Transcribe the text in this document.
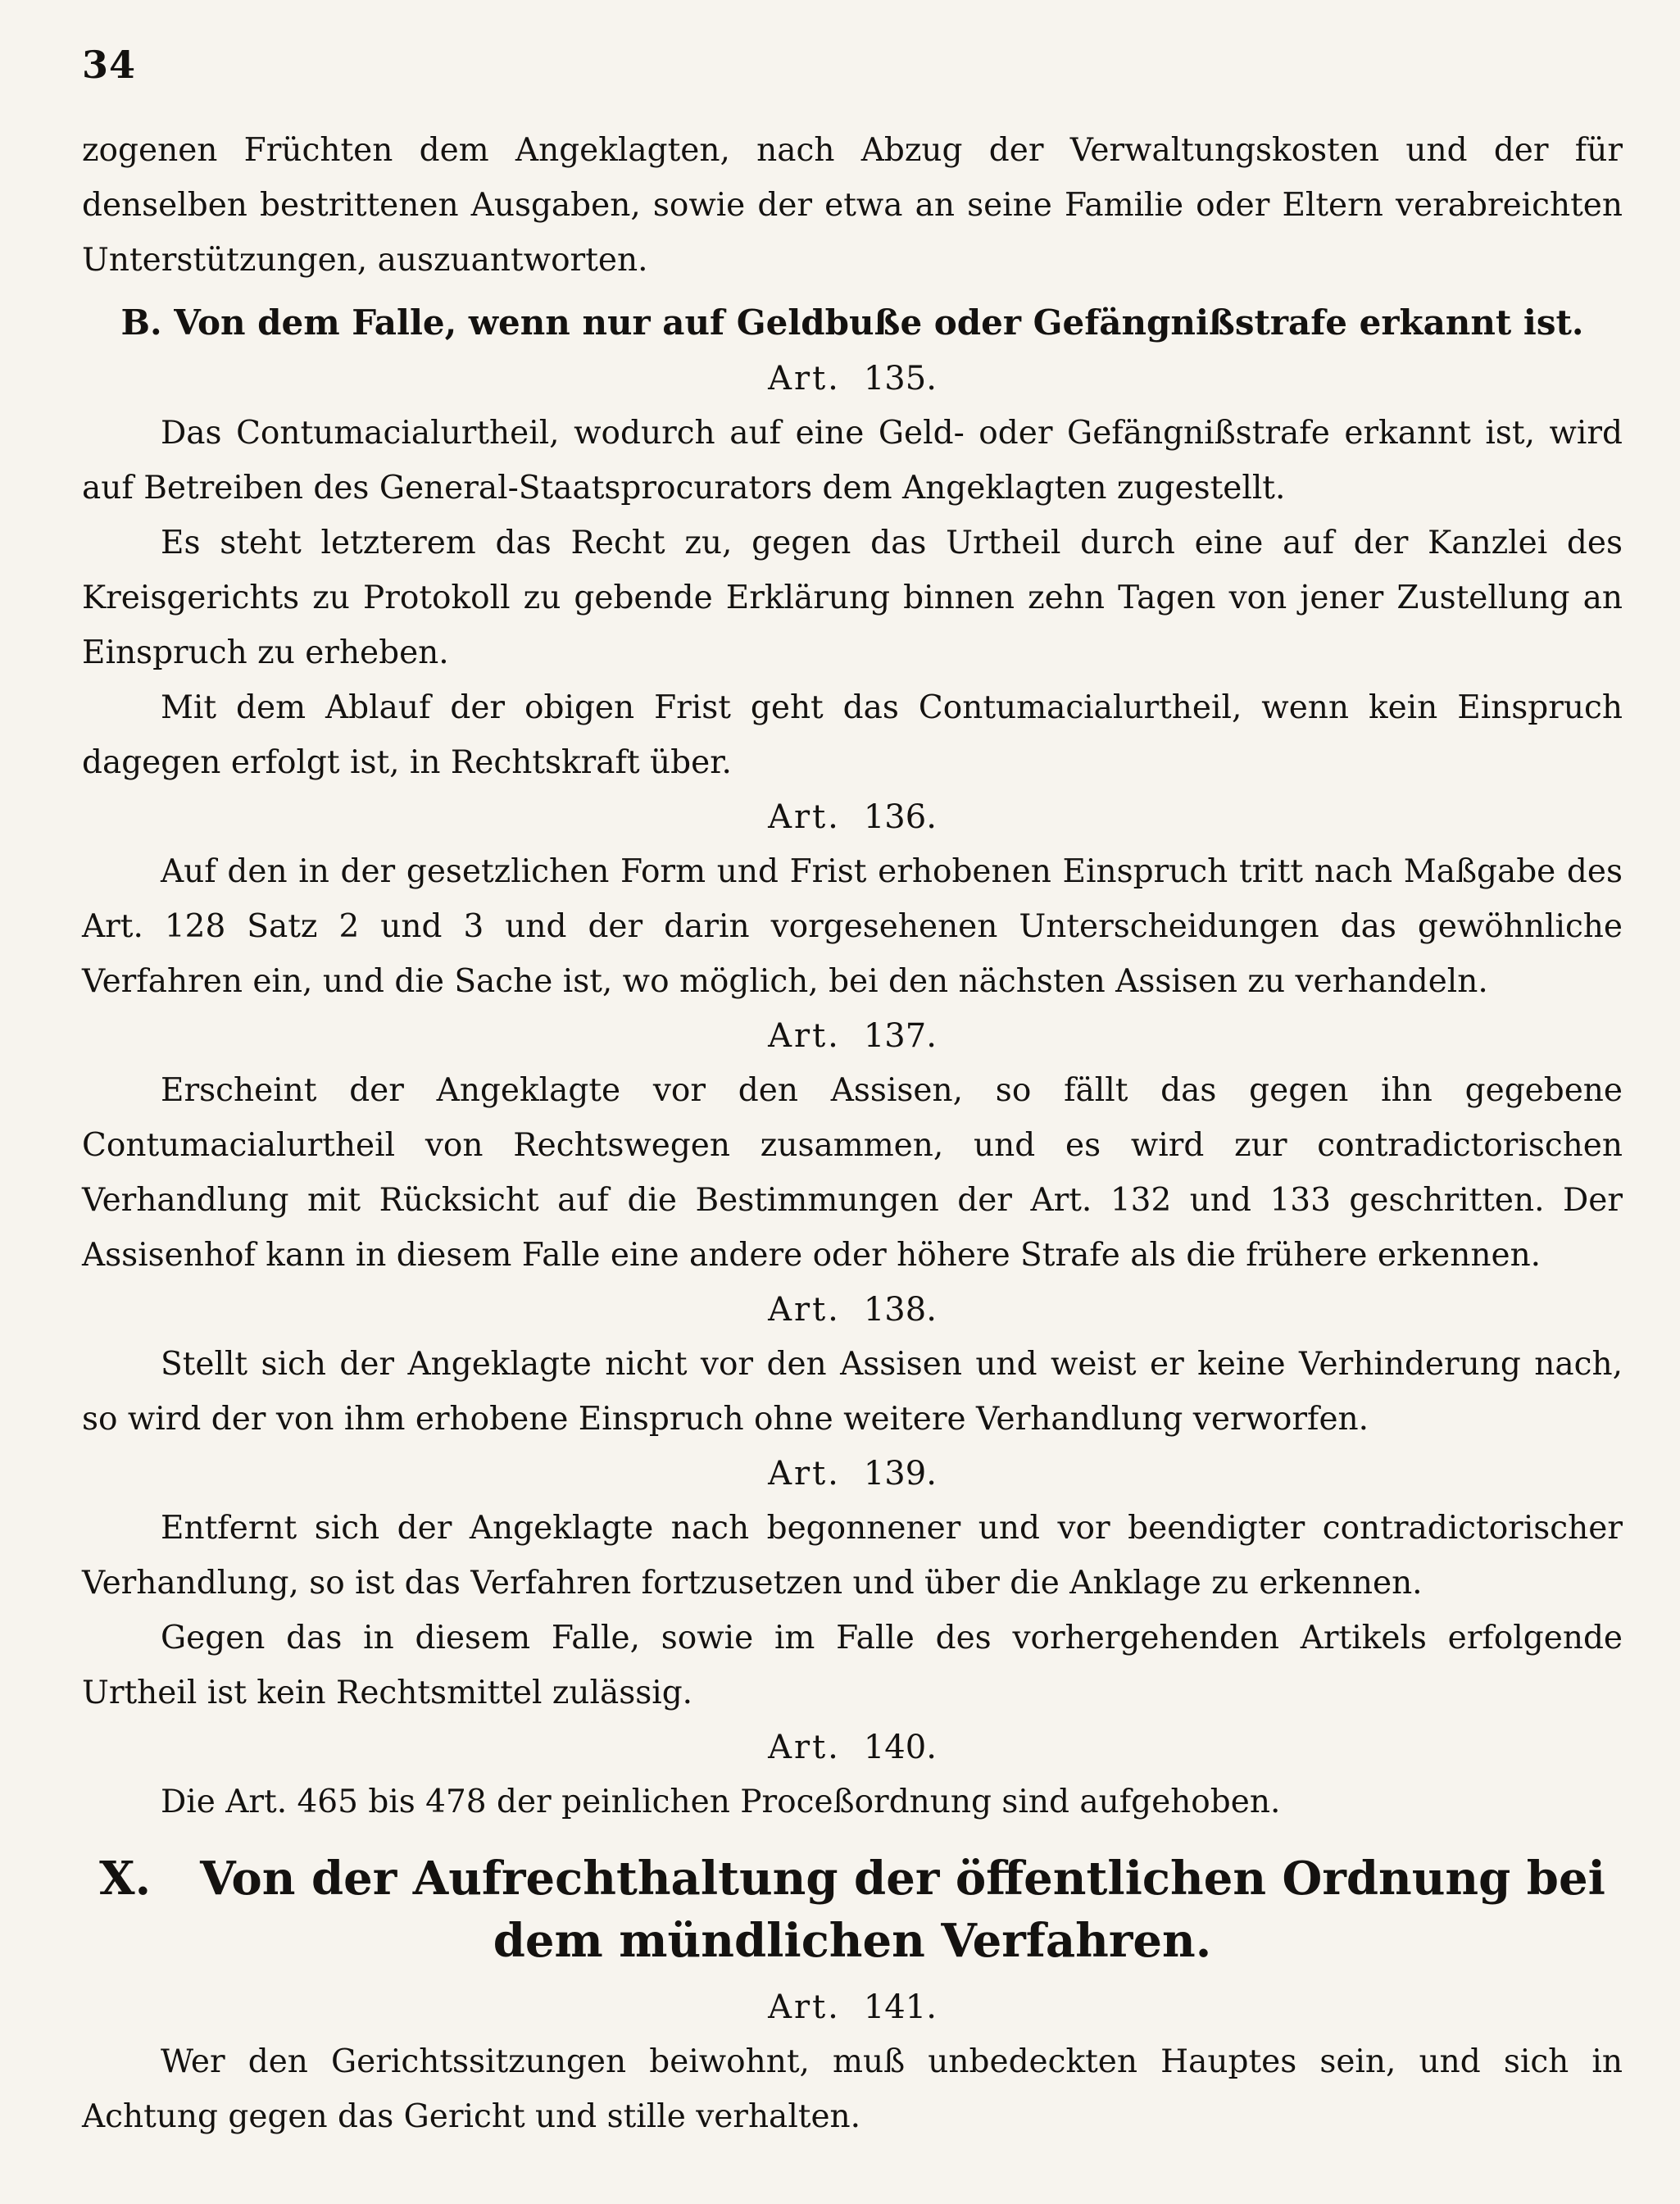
34

zogenen Früchten dem Angeklagten, nach Abzug der Verwaltungskosten und der für denselben bestrittenen Ausgaben, sowie der etwa an seine Familie oder Eltern verabreichten Unterstützungen, auszuantworten.

B. Von dem Falle, wenn nur auf Geldbuße oder Gefängnißstrafe erkannt ist.
Art. 135.

Das Contumacialurtheil, wodurch auf eine Geld- oder Gefängnißstrafe erkannt ist, wird auf Betreiben des General-Staatsprocurators dem Angeklagten zugestellt.

Es steht letzterem das Recht zu, gegen das Urtheil durch eine auf der Kanzlei des Kreisgerichts zu Protokoll zu gebende Erklärung binnen zehn Tagen von jener Zustellung an Einspruch zu erheben.

Mit dem Ablauf der obigen Frist geht das Contumacialurtheil, wenn kein Einspruch dagegen erfolgt ist, in Rechtskraft über.

Art. 136.

Auf den in der gesetzlichen Form und Frist erhobenen Einspruch tritt nach Maßgabe des Art. 128 Satz 2 und 3 und der darin vorgesehenen Unterscheidungen das gewöhnliche Verfahren ein, und die Sache ist, wo möglich, bei den nächsten Assisen zu verhandeln.

Art. 137.

Erscheint der Angeklagte vor den Assisen, so fällt das gegen ihn gegebene Contumacialurtheil von Rechtswegen zusammen, und es wird zur contradictorischen Verhandlung mit Rücksicht auf die Bestimmungen der Art. 132 und 133 geschritten. Der Assisenhof kann in diesem Falle eine andere oder höhere Strafe als die frühere erkennen.

Art. 138.

Stellt sich der Angeklagte nicht vor den Assisen und weist er keine Verhinderung nach, so wird der von ihm erhobene Einspruch ohne weitere Verhandlung verworfen.

Art. 139.

Entfernt sich der Angeklagte nach begonnener und vor beendigter contradictorischer Verhandlung, so ist das Verfahren fortzusetzen und über die Anklage zu erkennen.

Gegen das in diesem Falle, sowie im Falle des vorhergehenden Artikels erfolgende Urtheil ist kein Rechtsmittel zulässig.

Art. 140.

Die Art. 465 bis 478 der peinlichen Proceßordnung sind aufgehoben.

X. Von der Aufrechthaltung der öffentlichen Ordnung bei dem mündlichen Verfahren.
Art. 141.

Wer den Gerichtssitzungen beiwohnt, muß unbedeckten Hauptes sein, und sich in Achtung gegen das Gericht und stille verhalten.
